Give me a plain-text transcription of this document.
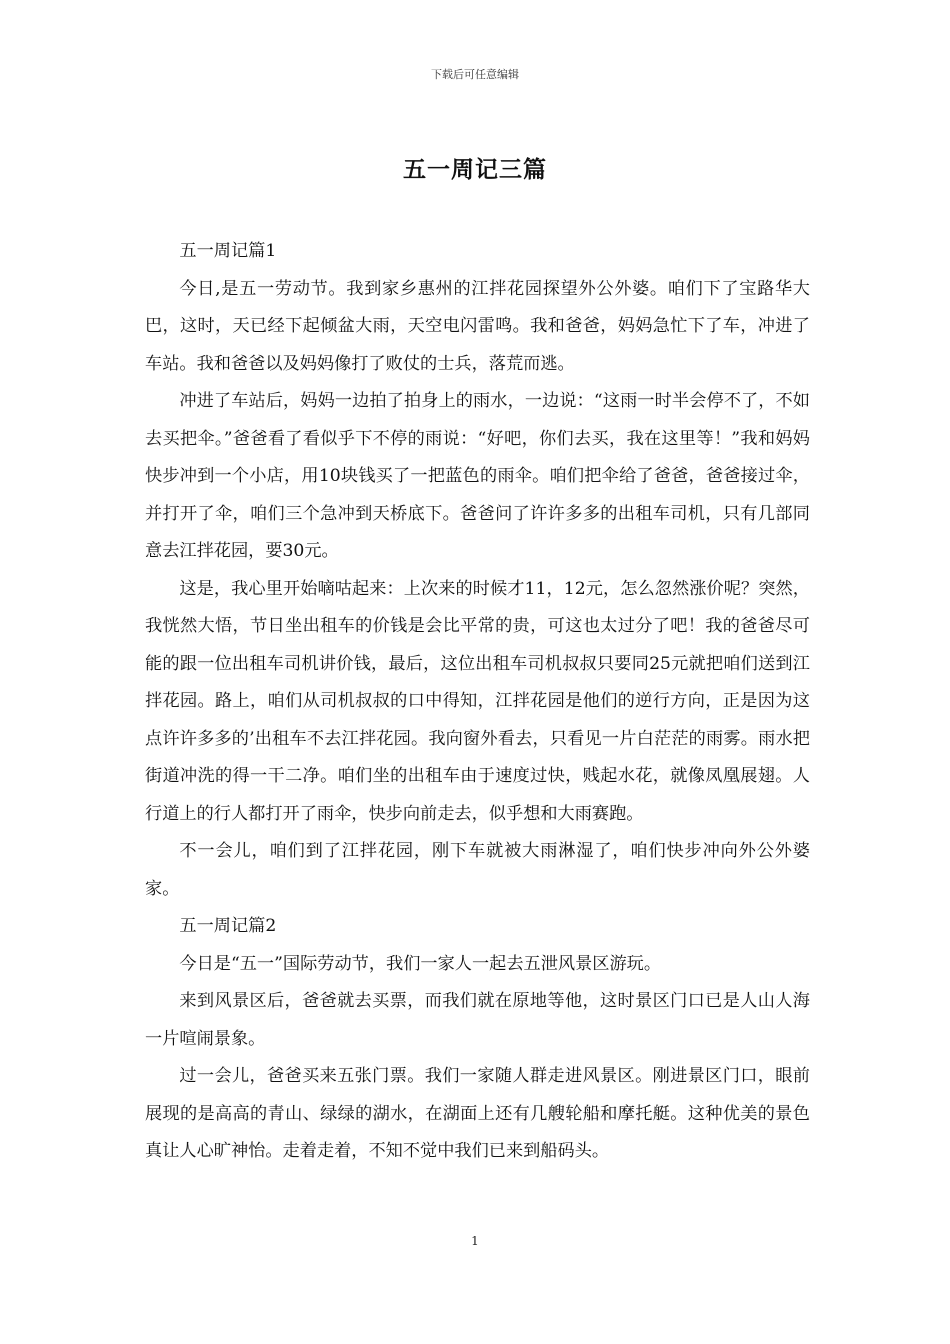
下载后可任意编辑
五一周记三篇

五一周记篇1

今日,是五一劳动节。我到家乡惠州的江拌花园探望外公外婆。咱们下了宝路华大巴，这时，天已经下起倾盆大雨，天空电闪雷鸣。我和爸爸，妈妈急忙下了车，冲进了车站。我和爸爸以及妈妈像打了败仗的士兵，落荒而逃。

冲进了车站后，妈妈一边拍了拍身上的雨水，一边说：“这雨一时半会停不了，不如去买把伞。”爸爸看了看似乎下不停的雨说：“好吧，你们去买，我在这里等！”我和妈妈快步冲到一个小店，用10块钱买了一把蓝色的雨伞。咱们把伞给了爸爸，爸爸接过伞，并打开了伞，咱们三个急冲到天桥底下。爸爸问了许许多多的出租车司机，只有几部同意去江拌花园，要30元。

这是，我心里开始嘀咕起来：上次来的时候才11，12元，怎么忽然涨价呢？突然，我恍然大悟，节日坐出租车的价钱是会比平常的贵，可这也太过分了吧！我的爸爸尽可能的跟一位出租车司机讲价钱，最后，这位出租车司机叔叔只要同25元就把咱们送到江拌花园。路上，咱们从司机叔叔的口中得知，江拌花园是他们的逆行方向，正是因为这点许许多多的’出租车不去江拌花园。我向窗外看去，只看见一片白茫茫的雨雾。雨水把街道冲洗的得一干二净。咱们坐的出租车由于速度过快，贱起水花，就像凤凰展翅。人行道上的行人都打开了雨伞，快步向前走去，似乎想和大雨赛跑。

不一会儿，咱们到了江拌花园，刚下车就被大雨淋湿了，咱们快步冲向外公外婆家。

五一周记篇2

今日是“五一”国际劳动节，我们一家人一起去五泄风景区游玩。

来到风景区后，爸爸就去买票，而我们就在原地等他，这时景区门口已是人山人海一片喧闹景象。

过一会儿，爸爸买来五张门票。我们一家随人群走进风景区。刚进景区门口，眼前展现的是高高的青山、绿绿的湖水，在湖面上还有几艘轮船和摩托艇。这种优美的景色真让人心旷神怡。走着走着，不知不觉中我们已来到船码头。

1
